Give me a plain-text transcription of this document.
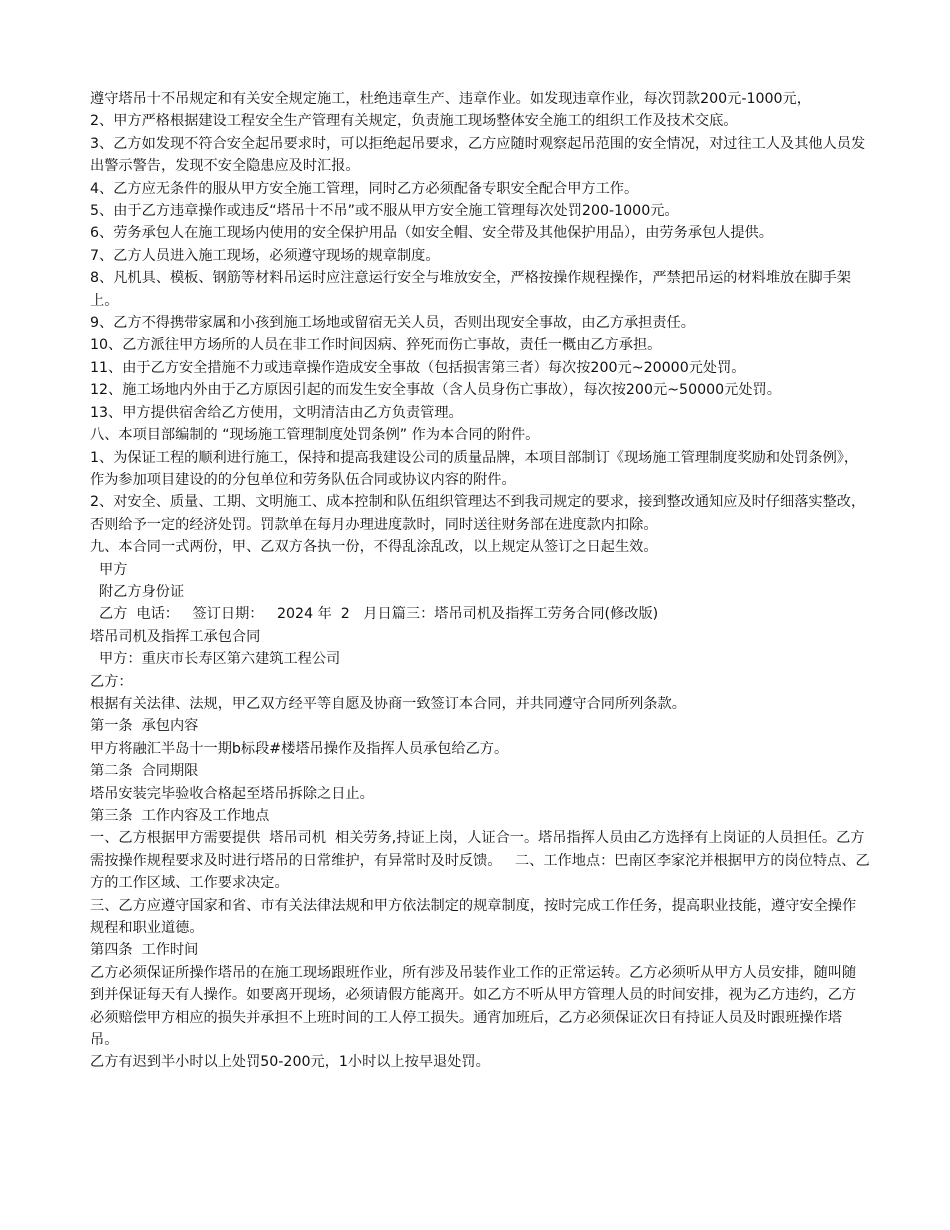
遵守塔吊十不吊规定和有关安全规定施工，杜绝违章生产、违章作业。如发现违章作业，每次罚款200元-1000元，

2、甲方严格根据建设工程安全生产管理有关规定，负责施工现场整体安全施工的组织工作及技术交底。

3、乙方如发现不符合安全起吊要求时，可以拒绝起吊要求，乙方应随时观察起吊范围的安全情况，对过往工人及其他人员发出警示警告，发现不安全隐患应及时汇报。

4、乙方应无条件的服从甲方安全施工管理，同时乙方必须配备专职安全配合甲方工作。

5、由于乙方违章操作或违反“塔吊十不吊”或不服从甲方安全施工管理每次处罚200-1000元。

6、劳务承包人在施工现场内使用的安全保护用品（如安全帽、安全带及其他保护用品），由劳务承包人提供。

7、乙方人员进入施工现场，必须遵守现场的规章制度。

8、凡机具、模板、钢筋等材料吊运时应注意运行安全与堆放安全，严格按操作规程操作，严禁把吊运的材料堆放在脚手架上。

9、乙方不得携带家属和小孩到施工场地或留宿无关人员，否则出现安全事故，由乙方承担责任。

10、乙方派往甲方场所的人员在非工作时间因病、猝死而伤亡事故，责任一概由乙方承担。

11、由于乙方安全措施不力或违章操作造成安全事故（包括损害第三者）每次按200元~20000元处罚。

12、施工场地内外由于乙方原因引起的而发生安全事故（含人员身伤亡事故），每次按200元~50000元处罚。

13、甲方提供宿舍给乙方使用，文明清洁由乙方负责管理。

八、本项目部编制的 “现场施工管理制度处罚条例” 作为本合同的附件。

1、为保证工程的顺利进行施工，保持和提高我建设公司的质量品牌，本项目部制订《现场施工管理制度奖励和处罚条例》，作为参加项目建设的的分包单位和劳务队伍合同或协议内容的附件。

2、对安全、质量、工期、文明施工、成本控制和队伍组织管理达不到我司规定的要求，接到整改通知应及时仔细落实整改，否则给予一定的经济处罚。罚款单在每月办理进度款时，同时送往财务部在进度款内扣除。

九、本合同一式两份，甲、乙双方各执一份，不得乱涂乱改，以上规定从签订之日起生效。

甲方

附乙方身份证

乙方  电话：   签订日期：   2024 年  2   月日篇三：塔吊司机及指挥工劳务合同(修改版)

塔吊司机及指挥工承包合同

甲方：重庆市长寿区第六建筑工程公司

乙方：

根据有关法律、法规，甲乙双方经平等自愿及协商一致签订本合同，并共同遵守合同所列条款。

第一条  承包内容

甲方将融汇半岛十一期b标段#楼塔吊操作及指挥人员承包给乙方。

第二条  合同期限

塔吊安装完毕验收合格起至塔吊拆除之日止。

第三条  工作内容及工作地点

一、乙方根据甲方需要提供  塔吊司机  相关劳务,持证上岗，人证合一。塔吊指挥人员由乙方选择有上岗证的人员担任。乙方需按操作规程要求及时进行塔吊的日常维护，有异常时及时反馈。   二、工作地点：巴南区李家沱并根据甲方的岗位特点、乙方的工作区域、工作要求决定。

三、乙方应遵守国家和省、市有关法律法规和甲方依法制定的规章制度，按时完成工作任务，提高职业技能，遵守安全操作规程和职业道德。

第四条  工作时间

乙方必须保证所操作塔吊的在施工现场跟班作业，所有涉及吊装作业工作的正常运转。乙方必须听从甲方人员安排，随叫随到并保证每天有人操作。如要离开现场，必须请假方能离开。如乙方不听从甲方管理人员的时间安排，视为乙方违约，乙方必须赔偿甲方相应的损失并承担不上班时间的工人停工损失。通宵加班后，乙方必须保证次日有持证人员及时跟班操作塔吊。

乙方有迟到半小时以上处罚50-200元，1小时以上按早退处罚。
